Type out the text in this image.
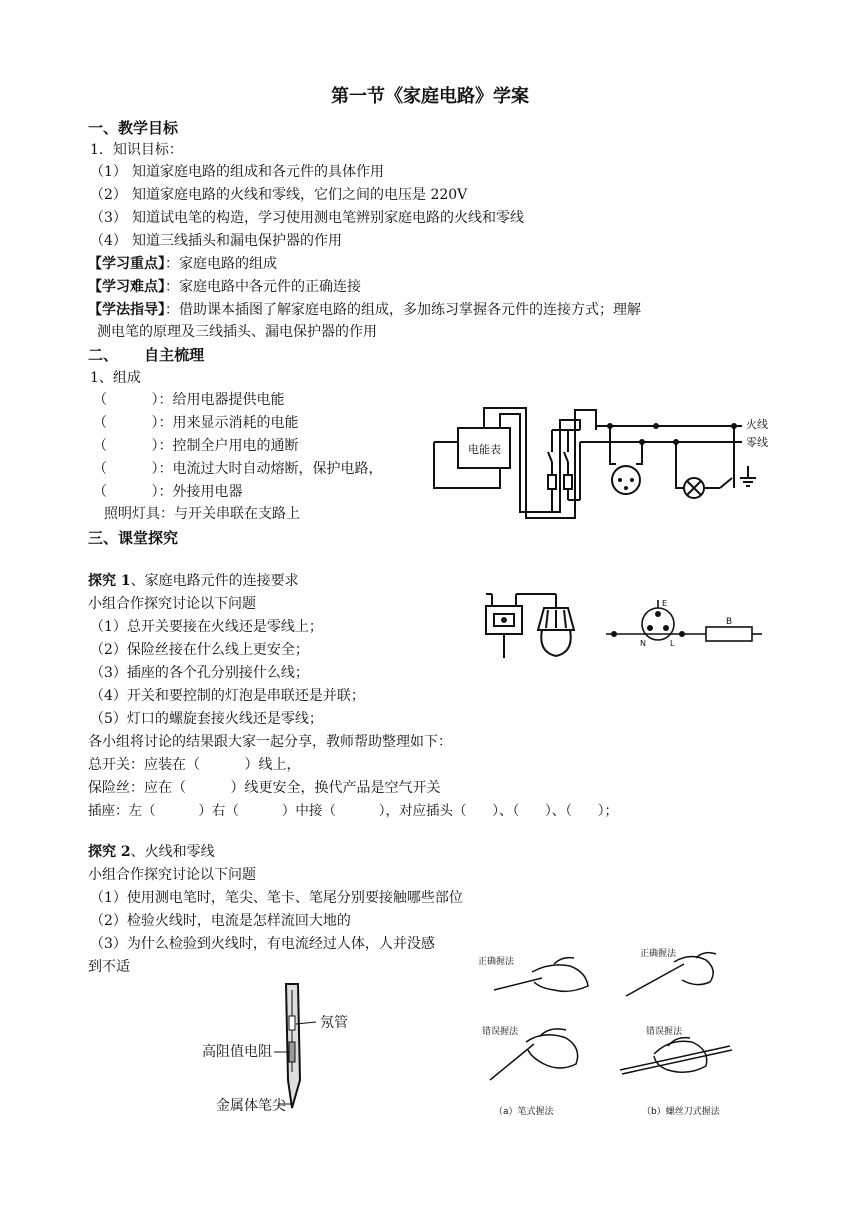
第一节《家庭电路》学案
一、教学目标
1．知识目标：
（1） 知道家庭电路的组成和各元件的具体作用
（2） 知道家庭电路的火线和零线，它们之间的电压是 220V
（3） 知道试电笔的构造，学习使用测电笔辨别家庭电路的火线和零线
（4） 知道三线插头和漏电保护器的作用
【学习重点】：家庭电路的组成
【学习难点】：家庭电路中各元件的正确连接
【学法指导】：借助课本插图了解家庭电路的组成，多加练习掌握各元件的连接方式；理解
测电笔的原理及三线插头、漏电保护器的作用
二、     自主梳理
1、组成
（          ）：给用电器提供电能
（          ）：用来显示消耗的电能
（          ）：控制全户用电的通断
（          ）：电流过大时自动熔断，保护电路，
（          ）：外接用电器
照明灯具：与开关串联在支路上
电能表
火线
零线
三、课堂探究
探究 1、家庭电路元件的连接要求
小组合作探究讨论以下问题
（1）总开关要接在火线还是零线上；
（2）保险丝接在什么线上更安全；
（3）插座的各个孔分别接什么线；
（4）开关和要控制的灯泡是串联还是并联；
（5）灯口的螺旋套接火线还是零线；
各小组将讨论的结果跟大家一起分享，教师帮助整理如下：
总开关：应装在（          ）线上，
保险丝：应在（          ）线更安全，换代产品是空气开关
插座：左（          ）右（          ）中接（          ），对应插头（      ）、（      ）、（      ）；
E
N	L
B
探究 2、火线和零线
小组合作探究讨论以下问题
（1）使用测电笔时，笔尖、笔卡、笔尾分别要接触哪些部位
（2）检验火线时，电流是怎样流回大地的
（3）为什么检验到火线时，有电流经过人体，人并没感
到不适
氖管
高阻值电阻
金属体笔尖
正确握法
正确握法
错误握法	错误握法
（a）笔式握法	（b）螺丝刀式握法
